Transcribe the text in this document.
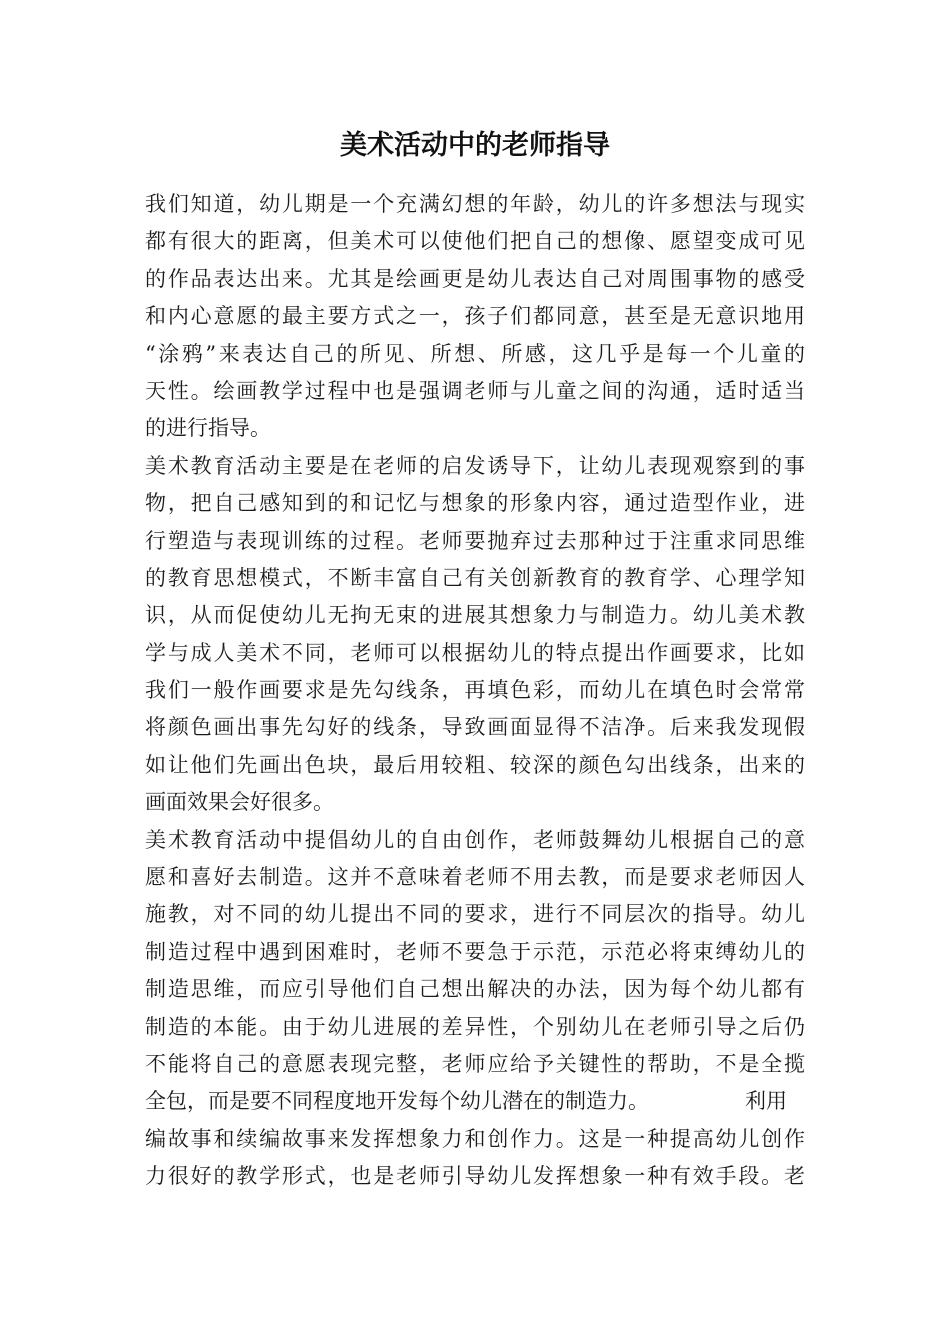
美术活动中的老师指导
我们知道，幼儿期是一个充满幻想的年龄，幼儿的许多想法与现实
都有很大的距离，但美术可以使他们把自己的想像、愿望变成可见
的作品表达出来。尤其是绘画更是幼儿表达自己对周围事物的感受
和内心意愿的最主要方式之一，孩子们都同意，甚至是无意识地用
“涂鸦”来表达自己的所见、所想、所感，这几乎是每一个儿童的
天性。绘画教学过程中也是强调老师与儿童之间的沟通，适时适当
的进行指导。
美术教育活动主要是在老师的启发诱导下，让幼儿表现观察到的事
物，把自己感知到的和记忆与想象的形象内容，通过造型作业，进
行塑造与表现训练的过程。老师要抛弃过去那种过于注重求同思维
的教育思想模式，不断丰富自己有关创新教育的教育学、心理学知
识，从而促使幼儿无拘无束的进展其想象力与制造力。幼儿美术教
学与成人美术不同，老师可以根据幼儿的特点提出作画要求，比如
我们一般作画要求是先勾线条，再填色彩，而幼儿在填色时会常常
将颜色画出事先勾好的线条，导致画面显得不洁净。后来我发现假
如让他们先画出色块，最后用较粗、较深的颜色勾出线条，出来的
画面效果会好很多。
美术教育活动中提倡幼儿的自由创作，老师鼓舞幼儿根据自己的意
愿和喜好去制造。这并不意味着老师不用去教，而是要求老师因人
施教，对不同的幼儿提出不同的要求，进行不同层次的指导。幼儿
制造过程中遇到困难时，老师不要急于示范，示范必将束缚幼儿的
制造思维，而应引导他们自己想出解决的办法，因为每个幼儿都有
制造的本能。由于幼儿进展的差异性，个别幼儿在老师引导之后仍
不能将自己的意愿表现完整，老师应给予关键性的帮助，不是全揽
全包，而是要不同程度地开发每个幼儿潜在的制造力。	利用
编故事和续编故事来发挥想象力和创作力。这是一种提高幼儿创作
力很好的教学形式，也是老师引导幼儿发挥想象一种有效手段。老
